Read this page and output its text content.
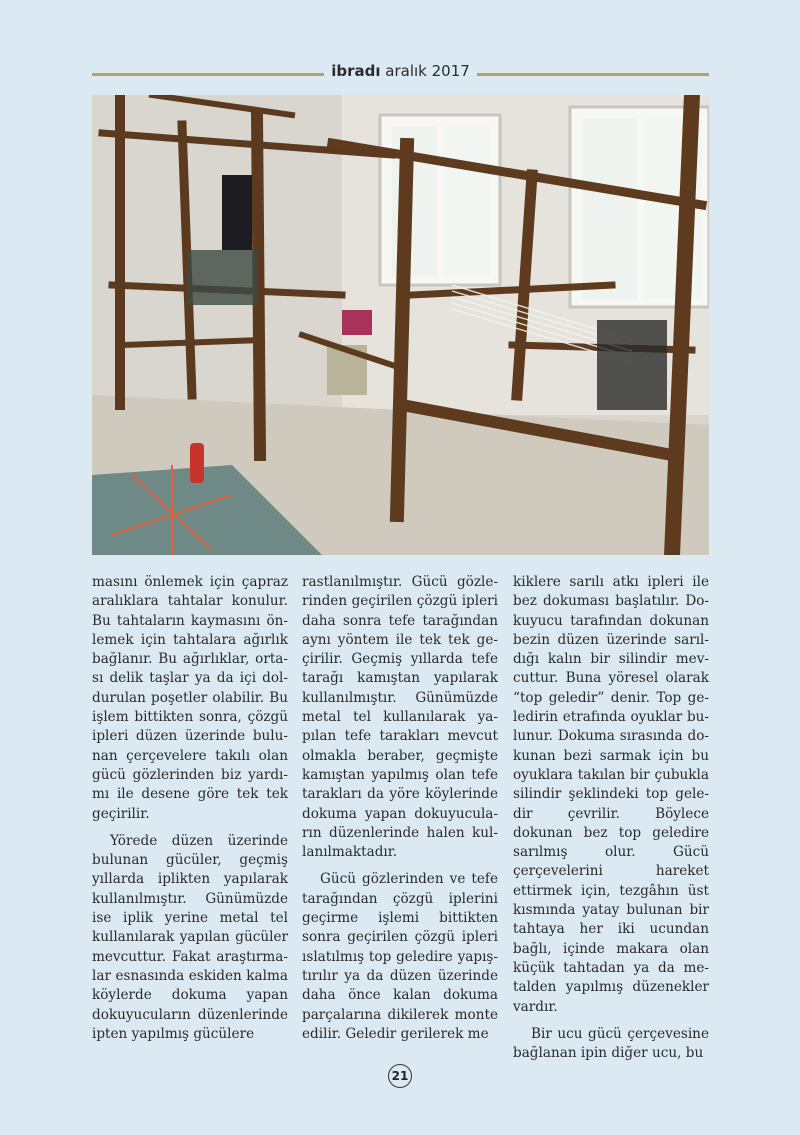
ibradı aralık 2017

masını önlemek için çapraz aralıklara tahtalar konulur. Bu tahtaların kaymasını önlemek için tahtalara ağırlık bağlanır. Bu ağırlıklar, ortası delik taşlar ya da içi doldurulan poşetler olabilir. Bu işlem bittikten sonra, çözgü ipleri düzen üzerinde bulunan çerçevelere takılı olan gücü gözlerinden biz yardımı ile desene göre tek tek geçirilir.

Yörede düzen üzerinde bulunan gücüler, geçmiş yıllarda iplikten yapılarak kullanılmıştır. Günümüzde ise iplik yerine metal tel kullanılarak yapılan gücüler mevcuttur. Fakat araştırmalar esnasında eskiden kalma köylerde dokuma yapan dokuyucuların düzenlerinde ipten yapılmış gücülere

rastlanılmıştır. Gücü gözlerinden geçirilen çözgü ipleri daha sonra tefe tarağından aynı yöntem ile tek tek geçirilir. Geçmiş yıllarda tefe tarağı kamıştan yapılarak kullanılmıştır. Günümüzde metal tel kullanılarak yapılan tefe tarakları mevcut olmakla beraber, geçmişte kamıştan yapılmış olan tefe tarakları da yöre köylerinde dokuma yapan dokuyucuların düzenlerinde halen kullanılmaktadır.

Gücü gözlerinden ve tefe tarağından çözgü iplerini geçirme işlemi bittikten sonra geçirilen çözgü ipleri ıslatılmış top geledire yapıştırılır ya da düzen üzerinde daha önce kalan dokuma parçalarına dikilerek monte edilir. Geledir gerilerek me

kiklere sarılı atkı ipleri ile bez dokuması başlatılır. Dokuyucu tarafından dokunan bezin düzen üzerinde sarıldığı kalın bir silindir mevcuttur. Buna yöresel olarak “top geledir” denir. Top geledirin etrafında oyuklar bulunur. Dokuma sırasında dokunan bezi sarmak için bu oyuklara takılan bir çubukla silindir şeklindeki top geledir çevrilir. Böylece dokunan bez top geledire sarılmış olur. Gücü çerçevelerini hareket ettirmek için, tezgâhın üst kısmında yatay bulunan bir tahtaya her iki ucundan bağlı, içinde makara olan küçük tahtadan ya da metalden yapılmış düzenekler vardır.

Bir ucu gücü çerçevesine bağlanan ipin diğer ucu, bu

21
